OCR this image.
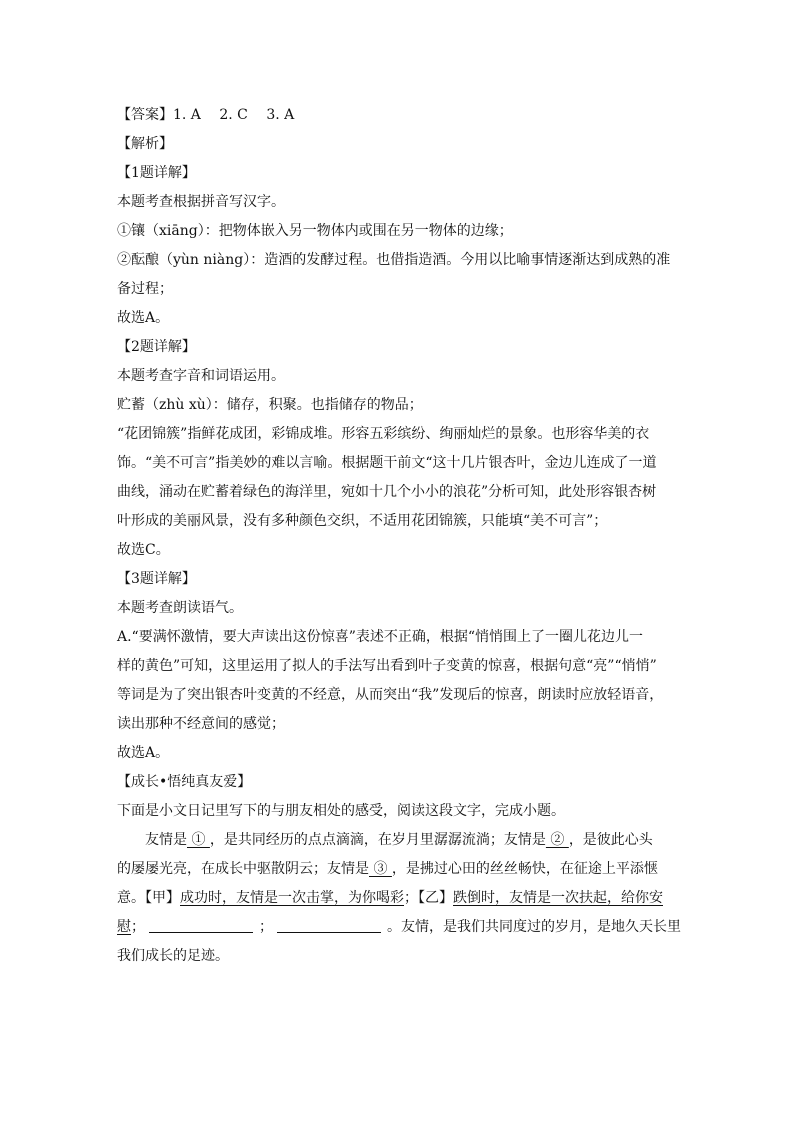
【答案】1. A　 2. C　 3. A
【解析】
【1题详解】
本题考查根据拼音写汉字。
①镶（xiāng）：把物体嵌入另一物体内或围在另一物体的边缘；
②酝酿（yùn niàng）：造酒的发酵过程。也借指造酒。今用以比喻事情逐渐达到成熟的准
备过程；
故选A。
【2题详解】
本题考查字音和词语运用。
贮蓄（zhù xù）：储存，积聚。也指储存的物品；
“花团锦簇”指鲜花成团，彩锦成堆。形容五彩缤纷、绚丽灿烂的景象。也形容华美的衣
饰。“美不可言”指美妙的难以言喻。根据题干前文“这十几片银杏叶，金边儿连成了一道
曲线，涌动在贮蓄着绿色的海洋里，宛如十几个小小的浪花”分析可知，此处形容银杏树
叶形成的美丽风景，没有多种颜色交织，不适用花团锦簇，只能填“美不可言”；
故选C。
【3题详解】
本题考查朗读语气。
A.“要满怀激情，要大声读出这份惊喜”表述不正确，根据“悄悄围上了一圈儿花边儿一
样的黄色”可知，这里运用了拟人的手法写出看到叶子变黄的惊喜，根据句意“亮”“悄悄”
等词是为了突出银杏叶变黄的不经意，从而突出“我”发现后的惊喜，朗读时应放轻语音，
读出那种不经意间的感觉；
故选A。
【成长•悟纯真友爱】
下面是小文日记里写下的与朋友相处的感受，阅读这段文字，完成小题。
友情是 ① ，是共同经历的点点滴滴，在岁月里潺潺流淌；友情是 ② ，是彼此心头
的屡屡光亮，在成长中驱散阴云；友情是 ③ ，是拂过心田的丝丝畅快，在征途上平添惬
意。【甲】成功时，友情是一次击掌，为你喝彩；【乙】跌倒时，友情是一次扶起，给你安
慰；	；	。友情，是我们共同度过的岁月，是地久天长里
我们成长的足迹。
